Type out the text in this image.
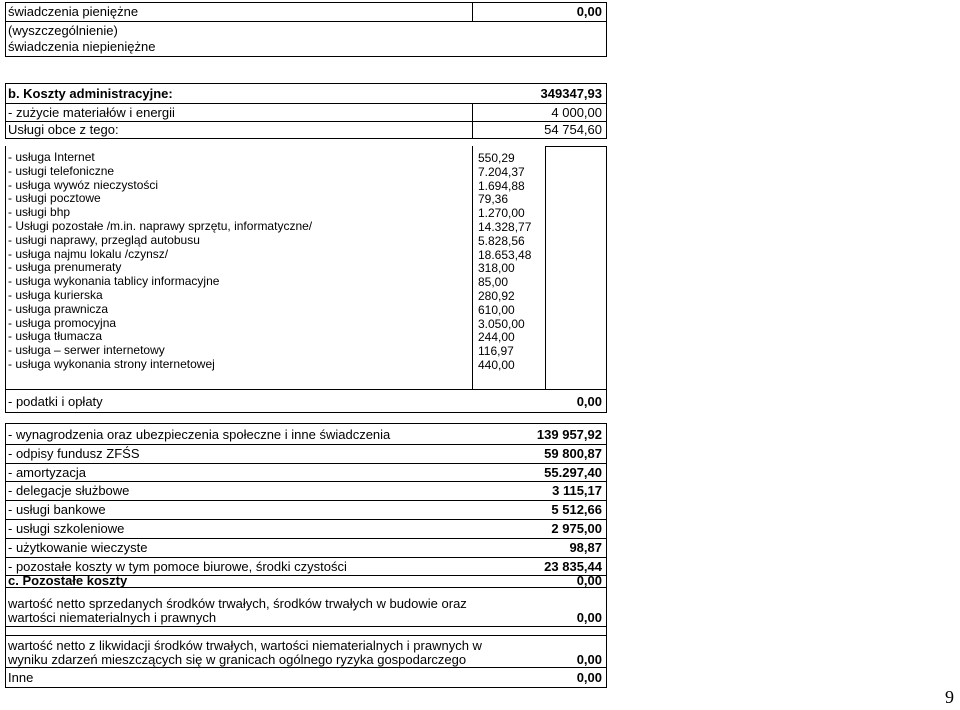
świadczenia pieniężne	0,00
(wyszczególnienie)
świadczenia niepieniężne
b. Koszty administracyjne:	349347,93
- zużycie materiałów i energii	4 000,00
Usługi obce z tego:	54 754,60
- usługa Internet	550,29
- usługi telefoniczne	7.204,37
- usługa wywóz nieczystości	1.694,88
- usługi pocztowe	79,36
- usługi bhp	1.270,00
- Usługi pozostałe /m.in. naprawy sprzętu, informatyczne/	14.328,77
- usługi naprawy, przegląd autobusu	5.828,56
- usługa najmu lokalu /czynsz/	18.653,48
- usługa prenumeraty	318,00
- usługa wykonania tablicy informacyjne	85,00
- usługa kurierska	280,92
- usługa prawnicza	610,00
- usługa promocyjna	3.050,00
- usługa tłumacza	244,00
- usługa – serwer internetowy	116,97
- usługa wykonania strony internetowej	440,00
- podatki i opłaty	0,00
- wynagrodzenia oraz ubezpieczenia społeczne i inne świadczenia	139 957,92
- odpisy fundusz ZFŚS	59 800,87
- amortyzacja	55.297,40
- delegacje służbowe	3 115,17
- usługi bankowe	5 512,66
- usługi szkoleniowe	2 975,00
- użytkowanie wieczyste	98,87
- pozostałe koszty w tym pomoce biurowe, środki czystości	23 835,44
c. Pozostałe koszty	0,00
wartość netto sprzedanych środków trwałych, środków trwałych w budowie oraz
wartości niematerialnych i prawnych	0,00
wartość netto z likwidacji środków trwałych, wartości niematerialnych i prawnych w
wyniku zdarzeń mieszczących się w granicach ogólnego ryzyka gospodarczego	0,00
Inne	0,00
9
